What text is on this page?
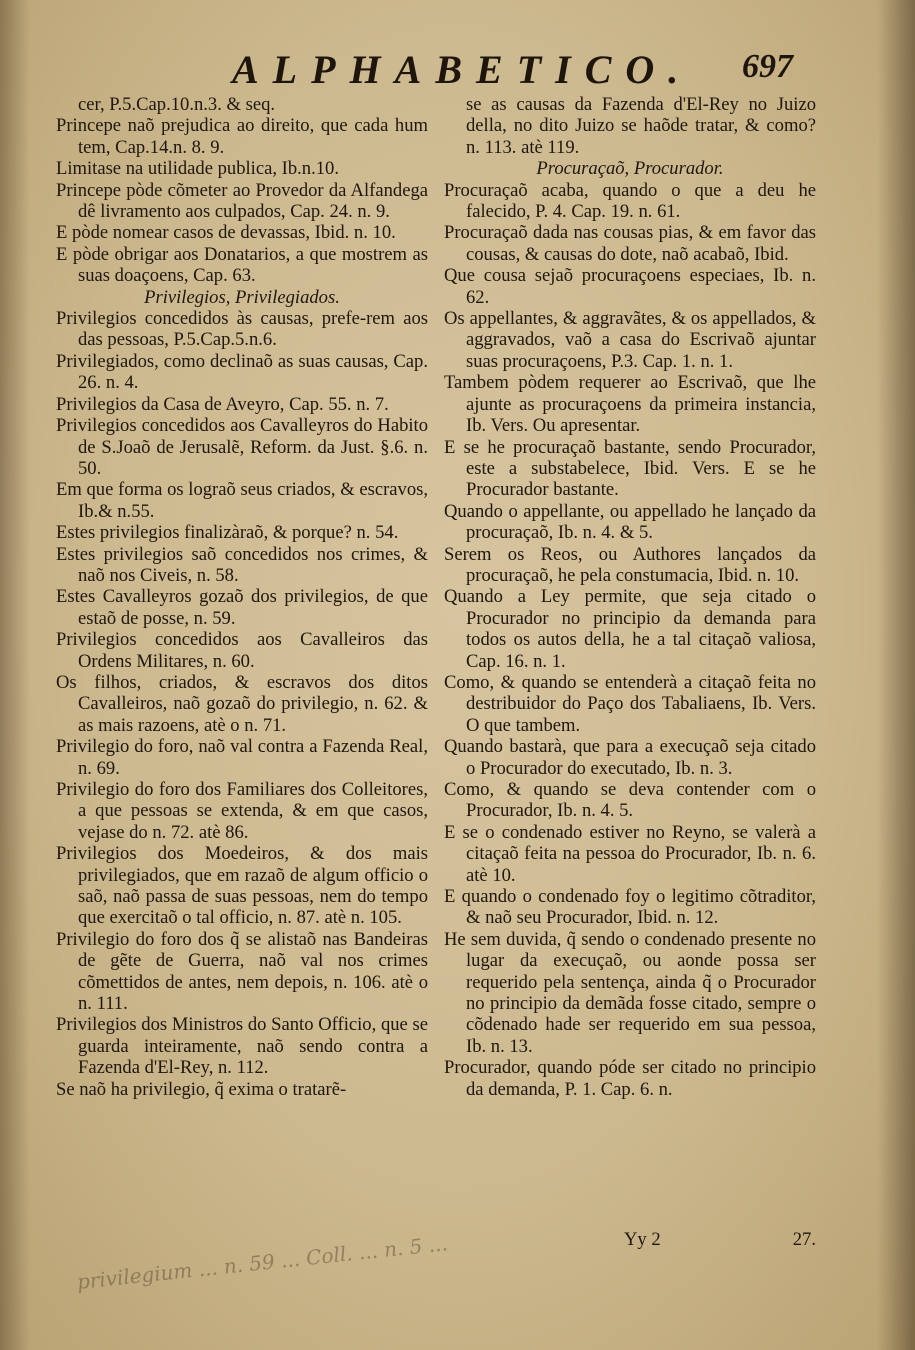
ALPHABETICO. 697

cer, P.5.Cap.10.n.3. & seq.

Princepe naõ prejudica ao direito, que cada hum tem, Cap.14.n. 8. 9.

Limitase na utilidade publica, Ib.n.10.

Princepe pòde cõmeter ao Provedor da Alfandega dê livramento aos culpados, Cap. 24. n. 9.

E pòde nomear casos de devassas, Ibid. n. 10.

E pòde obrigar aos Donatarios, a que mostrem as suas doaçoens, Cap. 63.

Privilegios, Privilegiados.

Privilegios concedidos às causas, prefe-rem aos das pessoas, P.5.Cap.5.n.6.

Privilegiados, como declinaõ as suas causas, Cap. 26. n. 4.

Privilegios da Casa de Aveyro, Cap. 55. n. 7.

Privilegios concedidos aos Cavalleyros do Habito de S.Joaõ de Jerusalẽ, Reform. da Just. §.6. n. 50.

Em que forma os lograõ seus criados, & escravos, Ib.& n.55.

Estes privilegios finalizàraõ, & porque? n. 54.

Estes privilegios saõ concedidos nos crimes, & naõ nos Civeis, n. 58.

Estes Cavalleyros gozaõ dos privilegios, de que estaõ de posse, n. 59.

Privilegios concedidos aos Cavalleiros das Ordens Militares, n. 60.

Os filhos, criados, & escravos dos ditos Cavalleiros, naõ gozaõ do privilegio, n. 62. & as mais razoens, atè o n. 71.

Privilegio do foro, naõ val contra a Fazenda Real, n. 69.

Privilegio do foro dos Familiares dos Colleitores, a que pessoas se extenda, & em que casos, vejase do n. 72. atè 86.

Privilegios dos Moedeiros, & dos mais privilegiados, que em razaõ de algum officio o saõ, naõ passa de suas pessoas, nem do tempo que exercitaõ o tal officio, n. 87. atè n. 105.

Privilegio do foro dos q̃ se alistaõ nas Bandeiras de gẽte de Guerra, naõ val nos crimes cõmettidos de antes, nem depois, n. 106. atè o n. 111.

Privilegios dos Ministros do Santo Officio, que se guarda inteiramente, naõ sendo contra a Fazenda d'El-Rey, n. 112.

Se naõ ha privilegio, q̃ exima o tratarẽ-

se as causas da Fazenda d'El-Rey no Juizo della, no dito Juizo se haõde tratar, & como? n. 113. atè 119.

Procuraçaõ, Procurador.

Procuraçaõ acaba, quando o que a deu he falecido, P. 4. Cap. 19. n. 61.

Procuraçaõ dada nas cousas pias, & em favor das cousas, & causas do dote, naõ acabaõ, Ibid.

Que cousa sejaõ procuraçoens especiaes, Ib. n. 62.

Os appellantes, & aggravãtes, & os appellados, & aggravados, vaõ a casa do Escrivaõ ajuntar suas procuraçoens, P.3. Cap. 1. n. 1.

Tambem pòdem requerer ao Escrivaõ, que lhe ajunte as procuraçoens da primeira instancia, Ib. Vers. Ou apresentar.

E se he procuraçaõ bastante, sendo Procurador, este a substabelece, Ibid. Vers. E se he Procurador bastante.

Quando o appellante, ou appellado he lançado da procuraçaõ, Ib. n. 4. & 5.

Serem os Reos, ou Authores lançados da procuraçaõ, he pela constumacia, Ibid. n. 10.

Quando a Ley permite, que seja citado o Procurador no principio da demanda para todos os autos della, he a tal citaçaõ valiosa, Cap. 16. n. 1.

Como, & quando se entenderà a citaçaõ feita no destribuidor do Paço dos Tabaliaens, Ib. Vers. O que tambem.

Quando bastarà, que para a execuçaõ seja citado o Procurador do executado, Ib. n. 3.

Como, & quando se deva contender com o Procurador, Ib. n. 4. 5.

E se o condenado estiver no Reyno, se valerà a citaçaõ feita na pessoa do Procurador, Ib. n. 6. atè 10.

E quando o condenado foy o legitimo cõtraditor, & naõ seu Procurador, Ibid. n. 12.

He sem duvida, q̃ sendo o condenado presente no lugar da execuçaõ, ou aonde possa ser requerido pela sentença, ainda q̃ o Procurador no principio da demãda fosse citado, sempre o cõdenado hade ser requerido em sua pessoa, Ib. n. 13.

Procurador, quando póde ser citado no principio da demanda, P. 1. Cap. 6. n.

Yy 2	27.
privilegium ... n. 59 ... Coll. ... n. 5 ...
